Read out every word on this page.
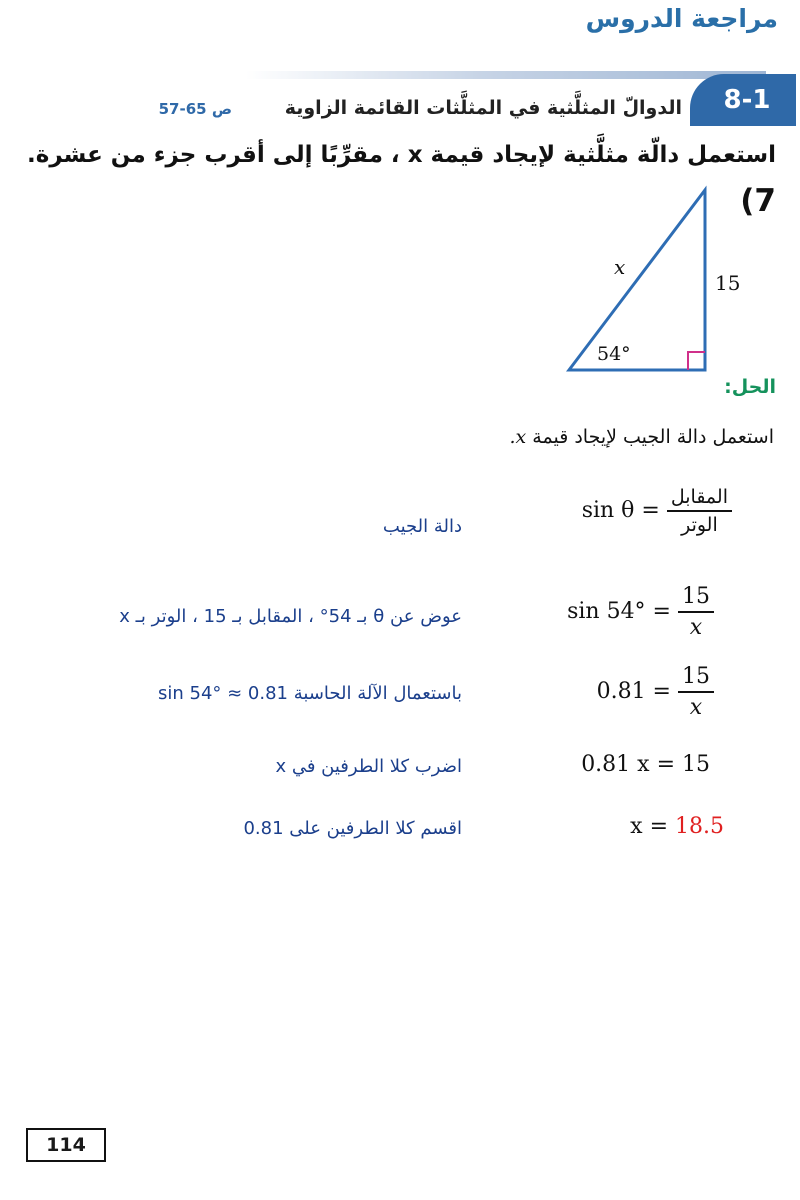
مراجعة الدروس
8-1
الدوالّ المثلَّثية في المثلَّثات القائمة الزاوية
ص 65-57
استعمل دالّة مثلَّثية لإيجاد قيمة x ، مقرِّبًا إلى أقرب جزء من عشرة.
(7
x
15
54°
الحل:
استعمل دالة الجيب لإيجاد قيمة x.
$\sin \theta = \frac{\text{المقابل}}{\text{الوتر}}$
دالة الجيب
$\sin 54^\circ = \frac{15}{x}$
عوض عن θ بـ 54° ، المقابل بـ 15 ، الوتر بـ x
$0.81 = \frac{15}{x}$
باستعمال الآلة الحاسبة sin 54° ≈ 0.81
0.81 x = 15
اضرب كلا الطرفين في x
x = 18.5
اقسم كلا الطرفين على 0.81
114
